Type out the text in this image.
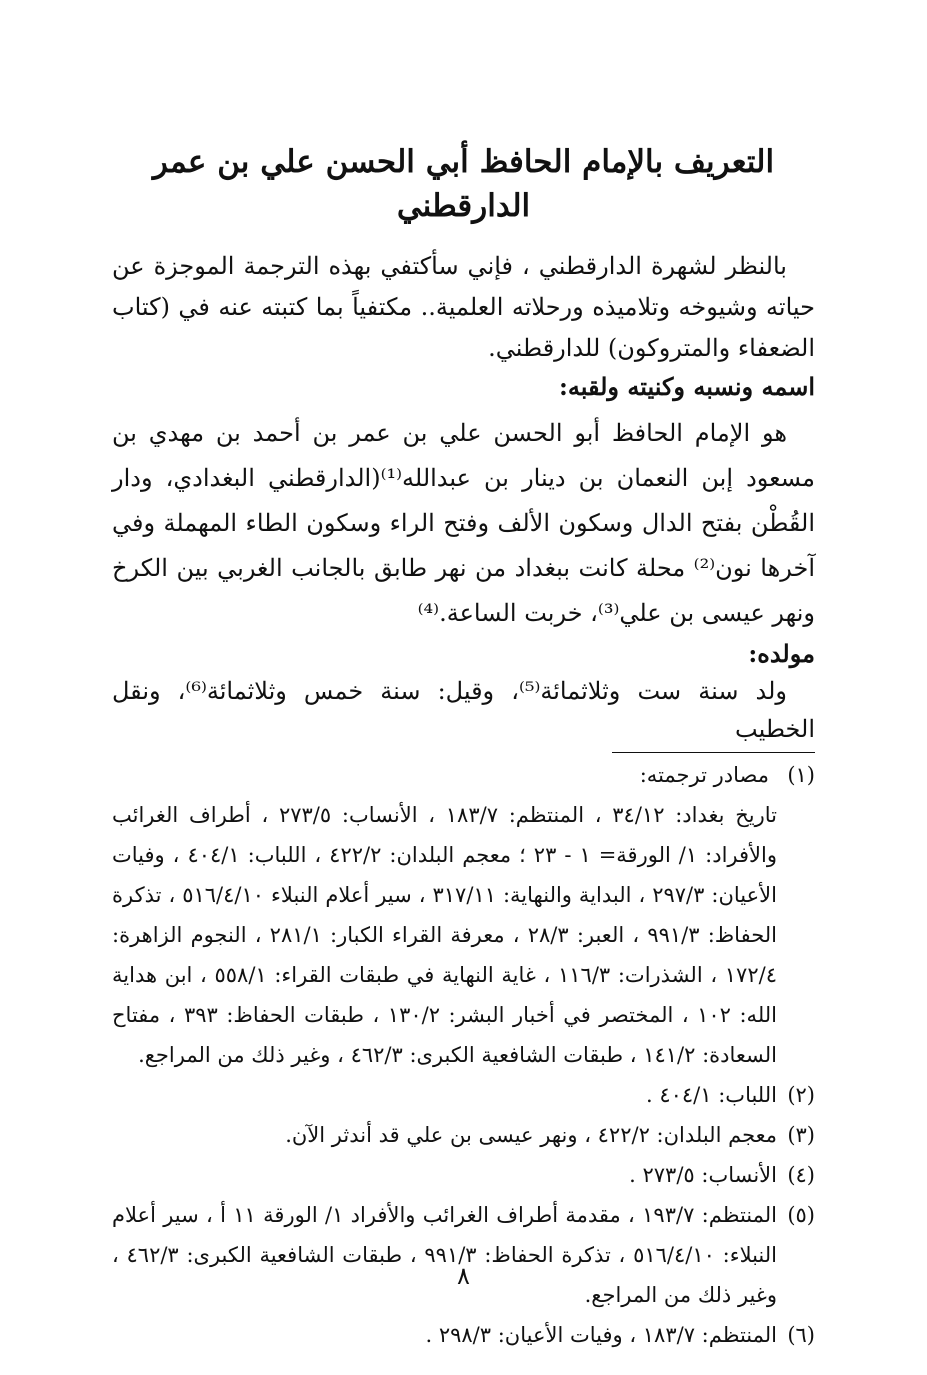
التعريف بالإمام الحافظ أبي الحسن علي بن عمر الدارقطني

بالنظر لشهرة الدارقطني ، فإني سأكتفي بهذه الترجمة الموجزة عن حياته وشيوخه وتلاميذه ورحلاته العلمية.. مكتفياً بما كتبته عنه في (كتاب الضعفاء والمتروكون) للدارقطني.

اسمه ونسبه وكنيته ولقبه:

هو الإمام الحافظ أبو الحسن علي بن عمر بن أحمد بن مهدي بن مسعود إبن النعمان بن دينار بن عبدالله⁽¹⁾(الدارقطني البغدادي، ودار القُطْن بفتح الدال وسكون الألف وفتح الراء وسكون الطاء المهملة وفي آخرها نون⁽²⁾ محلة كانت ببغداد من نهر طابق بالجانب الغربي بين الكرخ ونهر عيسى بن علي⁽³⁾، خربت الساعة.⁽⁴⁾

مولده:

ولد سنة ست وثلاثمائة⁽⁵⁾، وقيل: سنة خمس وثلاثمائة⁽⁶⁾، ونقل الخطيب

(١)
مصادر ترجمته:
تاريخ بغداد: ٣٤/١٢ ، المنتظم: ١٨٣/٧ ، الأنساب: ٢٧٣/٥ ، أطراف الغرائب والأفراد: ١/ الورقة= ١ - ٢٣ ؛ معجم البلدان: ٤٢٢/٢ ، اللباب: ٤٠٤/١ ، وفيات الأعيان: ٢٩٧/٣ ، البداية والنهاية: ٣١٧/١١ ، سير أعلام النبلاء ٥١٦/٤/١٠ ، تذكرة الحفاظ: ٩٩١/٣ ، العبر: ٢٨/٣ ، معرفة القراء الكبار: ٢٨١/١ ، النجوم الزاهرة: ١٧٢/٤ ، الشذرات: ١١٦/٣ ، غاية النهاية في طبقات القراء: ٥٥٨/١ ، ابن هداية الله: ١٠٢ ، المختصر في أخبار البشر: ١٣٠/٢ ، طبقات الحفاظ: ٣٩٣ ، مفتاح السعادة: ١٤١/٢ ، طبقات الشافعية الكبرى: ٤٦٢/٣ ، وغير ذلك من المراجع.
(٢)
اللباب: ٤٠٤/١ .
(٣)
معجم البلدان: ٤٢٢/٢ ، ونهر عيسى بن علي قد أندثر الآن.
(٤)
الأنساب: ٢٧٣/٥ .
(٥)
المنتظم: ١٩٣/٧ ، مقدمة أطراف الغرائب والأفراد ١/ الورقة ١١ أ ، سير أعلام النبلاء: ٥١٦/٤/١٠ ، تذكرة الحفاظ: ٩٩١/٣ ، طبقات الشافعية الكبرى: ٤٦٢/٣ ، وغير ذلك من المراجع.
(٦)
المنتظم: ١٨٣/٧ ، وفيات الأعيان: ٢٩٨/٣ .
٨
